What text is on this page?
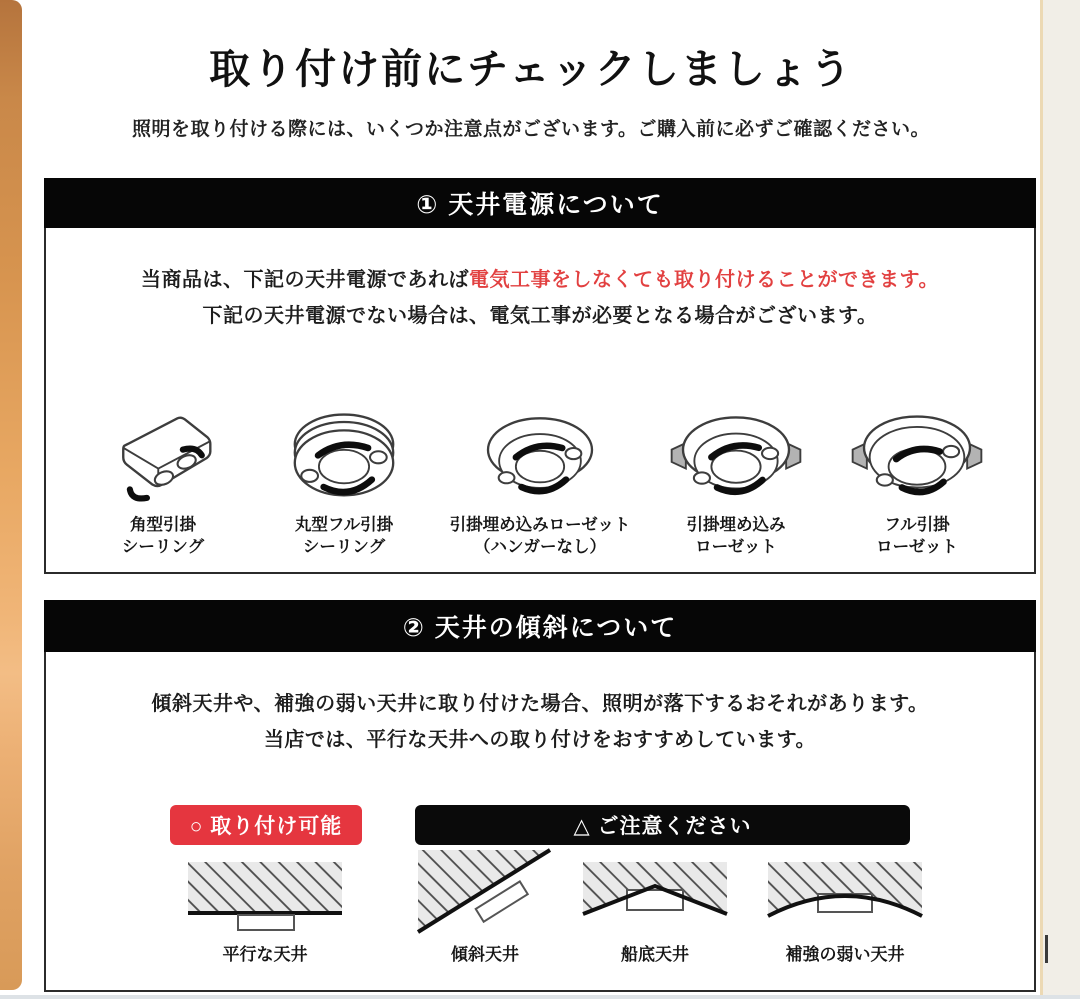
取り付け前にチェックしましょう
照明を取り付ける際には、いくつか注意点がございます。ご購入前に必ずご確認ください。
① 天井電源について
当商品は、下記の天井電源であれば電気工事をしなくても取り付けることができます。
下記の天井電源でない場合は、電気工事が必要となる場合がございます。
角型引掛
シーリング
丸型フル引掛
シーリング
引掛埋め込みローゼット
（ハンガーなし）
引掛埋め込み
ローゼット
フル引掛
ローゼット
② 天井の傾斜について
傾斜天井や、補強の弱い天井に取り付けた場合、照明が落下するおそれがあります。
当店では、平行な天井への取り付けをおすすめしています。
○ 取り付け可能	△ ご注意ください
平行な天井	傾斜天井	船底天井	補強の弱い天井
